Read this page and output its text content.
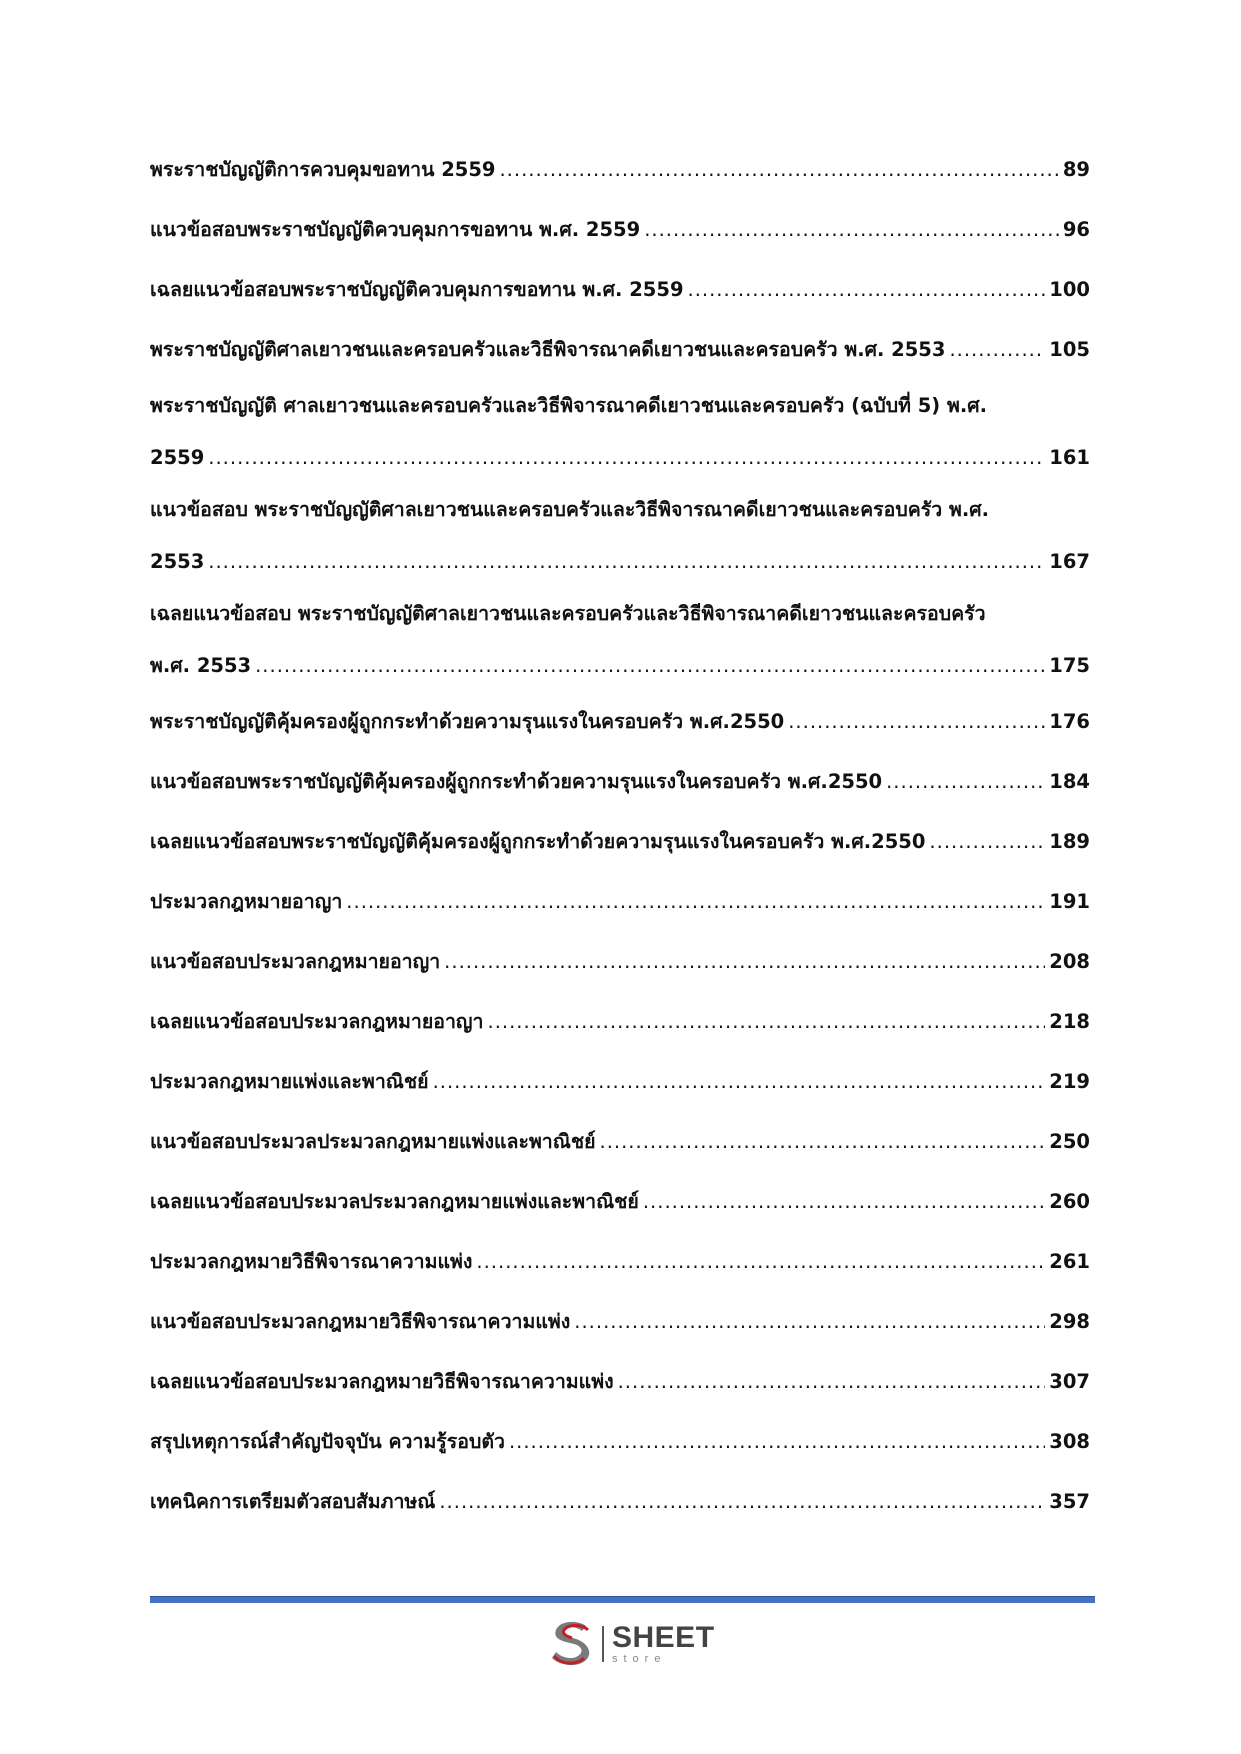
พระราชบัญญัติการควบคุมขอทาน 2559 .....	89
แนวข้อสอบพระราชบัญญัติควบคุมการขอทาน พ.ศ. 2559 .....	96
เฉลยแนวข้อสอบพระราชบัญญัติควบคุมการขอทาน พ.ศ. 2559 .....	100
พระราชบัญญัติศาลเยาวชนและครอบครัวและวิธีพิจารณาคดีเยาวชนและครอบครัว พ.ศ. 2553 .....	105
พระราชบัญญัติ ศาลเยาวชนและครอบครัวและวิธีพิจารณาคดีเยาวชนและครอบครัว (ฉบับที่ 5) พ.ศ.
2559 .....	161
แนวข้อสอบ พระราชบัญญัติศาลเยาวชนและครอบครัวและวิธีพิจารณาคดีเยาวชนและครอบครัว พ.ศ.
2553 .....	167
เฉลยแนวข้อสอบ พระราชบัญญัติศาลเยาวชนและครอบครัวและวิธีพิจารณาคดีเยาวชนและครอบครัว
พ.ศ. 2553 .....	175
พระราชบัญญัติคุ้มครองผู้ถูกกระทำด้วยความรุนแรงในครอบครัว พ.ศ.2550 .....	176
แนวข้อสอบพระราชบัญญัติคุ้มครองผู้ถูกกระทำด้วยความรุนแรงในครอบครัว พ.ศ.2550 .....	184
เฉลยแนวข้อสอบพระราชบัญญัติคุ้มครองผู้ถูกกระทำด้วยความรุนแรงในครอบครัว พ.ศ.2550 .....	189
ประมวลกฎหมายอาญา .....	191
แนวข้อสอบประมวลกฎหมายอาญา .....	208
เฉลยแนวข้อสอบประมวลกฎหมายอาญา .....	218
ประมวลกฎหมายแพ่งและพาณิชย์ .....	219
แนวข้อสอบประมวลประมวลกฎหมายแพ่งและพาณิชย์ .....	250
เฉลยแนวข้อสอบประมวลประมวลกฎหมายแพ่งและพาณิชย์ .....	260
ประมวลกฎหมายวิธีพิจารณาความแพ่ง .....	261
แนวข้อสอบประมวลกฎหมายวิธีพิจารณาความแพ่ง .....	298
เฉลยแนวข้อสอบประมวลกฎหมายวิธีพิจารณาความแพ่ง .....	307
สรุปเหตุการณ์สำคัญปัจจุบัน ความรู้รอบตัว .....	308
เทคนิคการเตรียมตัวสอบสัมภาษณ์ .....	357
SHEET
store
